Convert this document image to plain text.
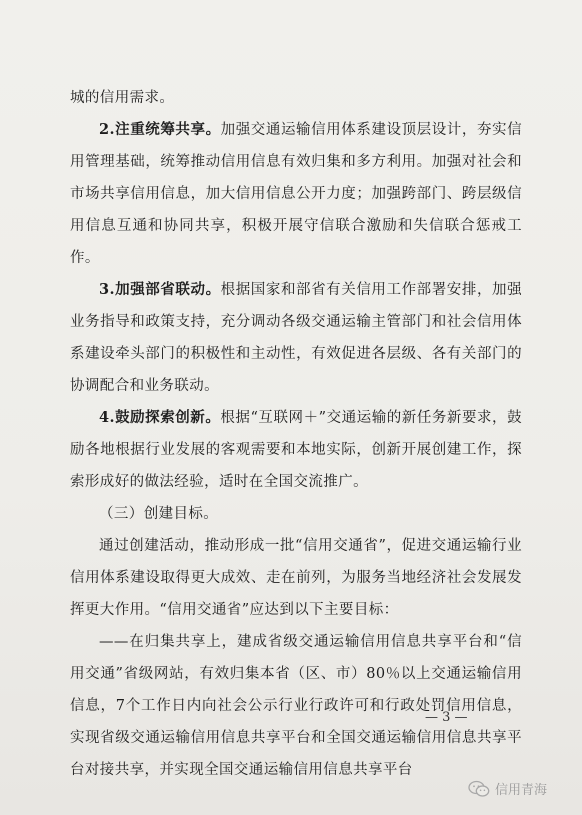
城的信用需求。

2.注重统筹共享。加强交通运输信用体系建设顶层设计，夯实信用管理基础，统筹推动信用信息有效归集和多方利用。加强对社会和市场共享信用信息，加大信用信息公开力度；加强跨部门、跨层级信用信息互通和协同共享，积极开展守信联合激励和失信联合惩戒工作。

3.加强部省联动。根据国家和部省有关信用工作部署安排，加强业务指导和政策支持，充分调动各级交通运输主管部门和社会信用体系建设牵头部门的积极性和主动性，有效促进各层级、各有关部门的协调配合和业务联动。

4.鼓励探索创新。根据“互联网＋”交通运输的新任务新要求，鼓励各地根据行业发展的客观需要和本地实际，创新开展创建工作，探索形成好的做法经验，适时在全国交流推广。

（三）创建目标。

通过创建活动，推动形成一批“信用交通省”，促进交通运输行业信用体系建设取得更大成效、走在前列，为服务当地经济社会发展发挥更大作用。“信用交通省”应达到以下主要目标：

——在归集共享上，建成省级交通运输信用信息共享平台和“信用交通”省级网站，有效归集本省（区、市）80％以上交通运输信用信息，7个工作日内向社会公示行业行政许可和行政处罚信用信息，实现省级交通运输信用信息共享平台和全国交通运输信用信息共享平台对接共享，并实现全国交通运输信用信息共享平台

— 3 —
信用青海
